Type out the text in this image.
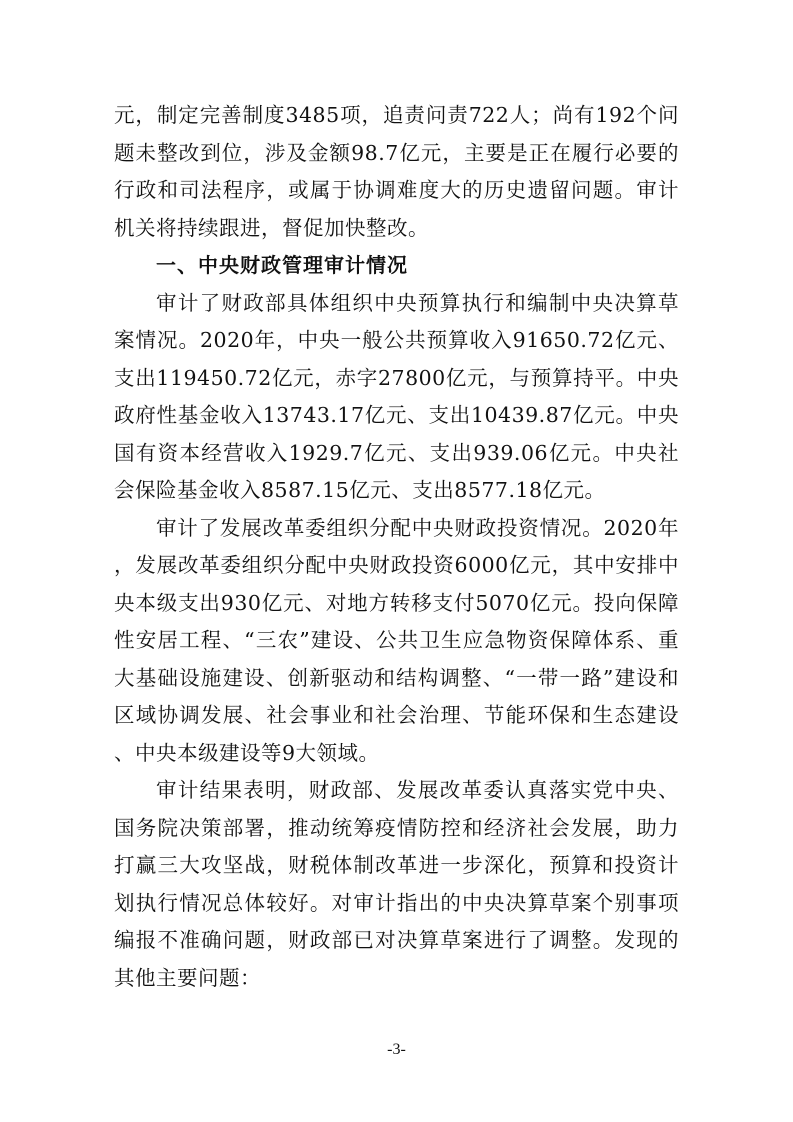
元，制定完善制度3485项，追责问责722人；尚有192个问题未整改到位，涉及金额98.7亿元，主要是正在履行必要的行政和司法程序，或属于协调难度大的历史遗留问题。审计机关将持续跟进，督促加快整改。

一、中央财政管理审计情况

审计了财政部具体组织中央预算执行和编制中央决算草案情况。2020年，中央一般公共预算收入91650.72亿元、支出119450.72亿元，赤字27800亿元，与预算持平。中央政府性基金收入13743.17亿元、支出10439.87亿元。中央国有资本经营收入1929.7亿元、支出939.06亿元。中央社会保险基金收入8587.15亿元、支出8577.18亿元。

审计了发展改革委组织分配中央财政投资情况。2020年，发展改革委组织分配中央财政投资6000亿元，其中安排中央本级支出930亿元、对地方转移支付5070亿元。投向保障性安居工程、“三农”建设、公共卫生应急物资保障体系、重大基础设施建设、创新驱动和结构调整、“一带一路”建设和区域协调发展、社会事业和社会治理、节能环保和生态建设、中央本级建设等9大领域。

审计结果表明，财政部、发展改革委认真落实党中央、国务院决策部署，推动统筹疫情防控和经济社会发展，助力打赢三大攻坚战，财税体制改革进一步深化，预算和投资计划执行情况总体较好。对审计指出的中央决算草案个别事项编报不准确问题，财政部已对决算草案进行了调整。发现的其他主要问题：

-3-
